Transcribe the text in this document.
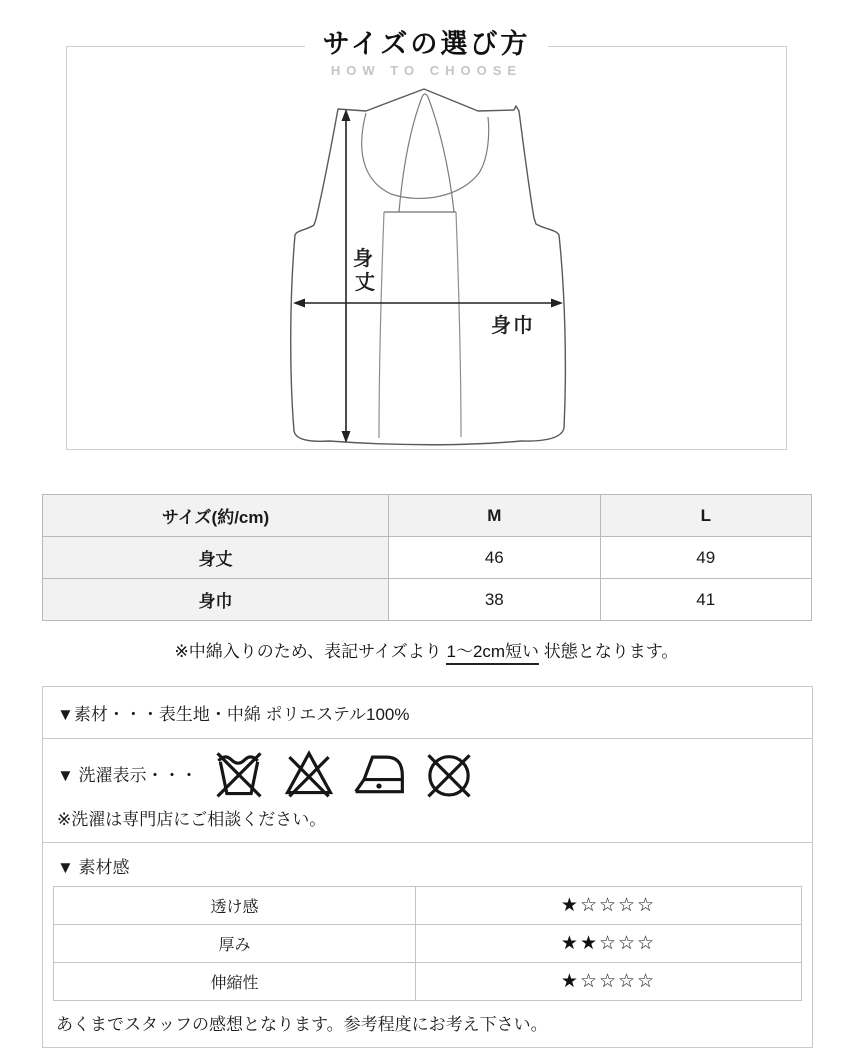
サイズの選び方
HOW TO CHOOSE
身
丈
身巾
サイズ(約/cm)	M	L
身丈	46	49
身巾	38	41

※中綿入りのため、表記サイズより 1〜2cm短い 状態となります。

▼素材・・・表生地・中綿 ポリエステル100%
▼ 洗濯表示・・・

※洗濯は専門店にご相談ください。

▼ 素材感
透け感	★☆☆☆☆
厚み	★★☆☆☆
伸縮性	★☆☆☆☆

あくまでスタッフの感想となります。参考程度にお考え下さい。
